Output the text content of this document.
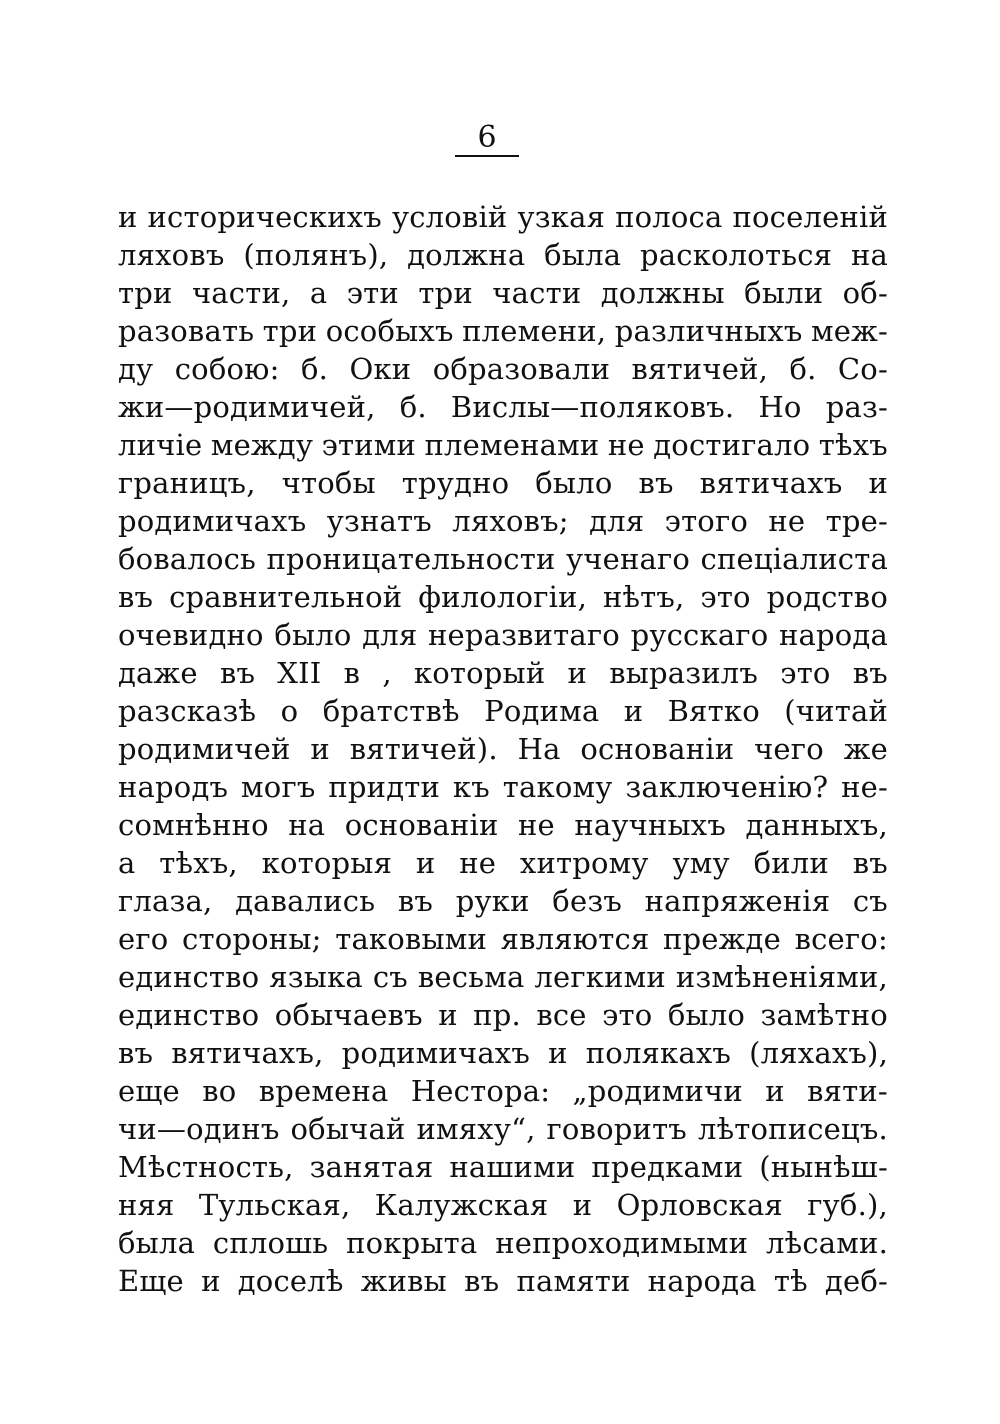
6
и историческихъ условій узкая полоса поселеній
ляховъ (полянъ), должна была расколоться на
три части, а эти три части должны были об-
разовать три особыхъ племени, различныхъ меж-
ду собою: б. Оки образовали вятичей, б. Со-
жи—родимичей, б. Вислы—поляковъ. Но раз-
личіе между этими племенами не достигало тѣхъ
границъ, чтобы трудно было въ вятичахъ и
родимичахъ узнатъ ляховъ; для этого не тре-
бовалось проницательности ученаго спеціалиста
въ сравнительной филологіи, нѣтъ, это родство
очевидно было для неразвитаго русскаго народа
даже въ XII в , который и выразилъ это въ
разсказѣ о братствѣ Родима и Вятко (читай
родимичей и вятичей). На основаніи чего же
народъ могъ придти къ такому заключенію? не-
сомнѣнно на основаніи не научныхъ данныхъ,
а тѣхъ, которыя и не хитрому уму били въ
глаза, давались въ руки безъ напряженія съ
его стороны; таковыми являются прежде всего:
единство языка съ весьма легкими измѣненіями,
единство обычаевъ и пр. все это было замѣтно
въ вятичахъ, родимичахъ и полякахъ (ляхахъ),
еще во времена Нестора: „родимичи и вяти-
чи—одинъ обычай имяху“, говоритъ лѣтописецъ.
Мѣстность, занятая нашими предками (нынѣш-
няя Тульская, Калужская и Орловская губ.),
была сплошь покрыта непроходимыми лѣсами.
Еще и доселѣ живы въ памяти народа тѣ деб-
